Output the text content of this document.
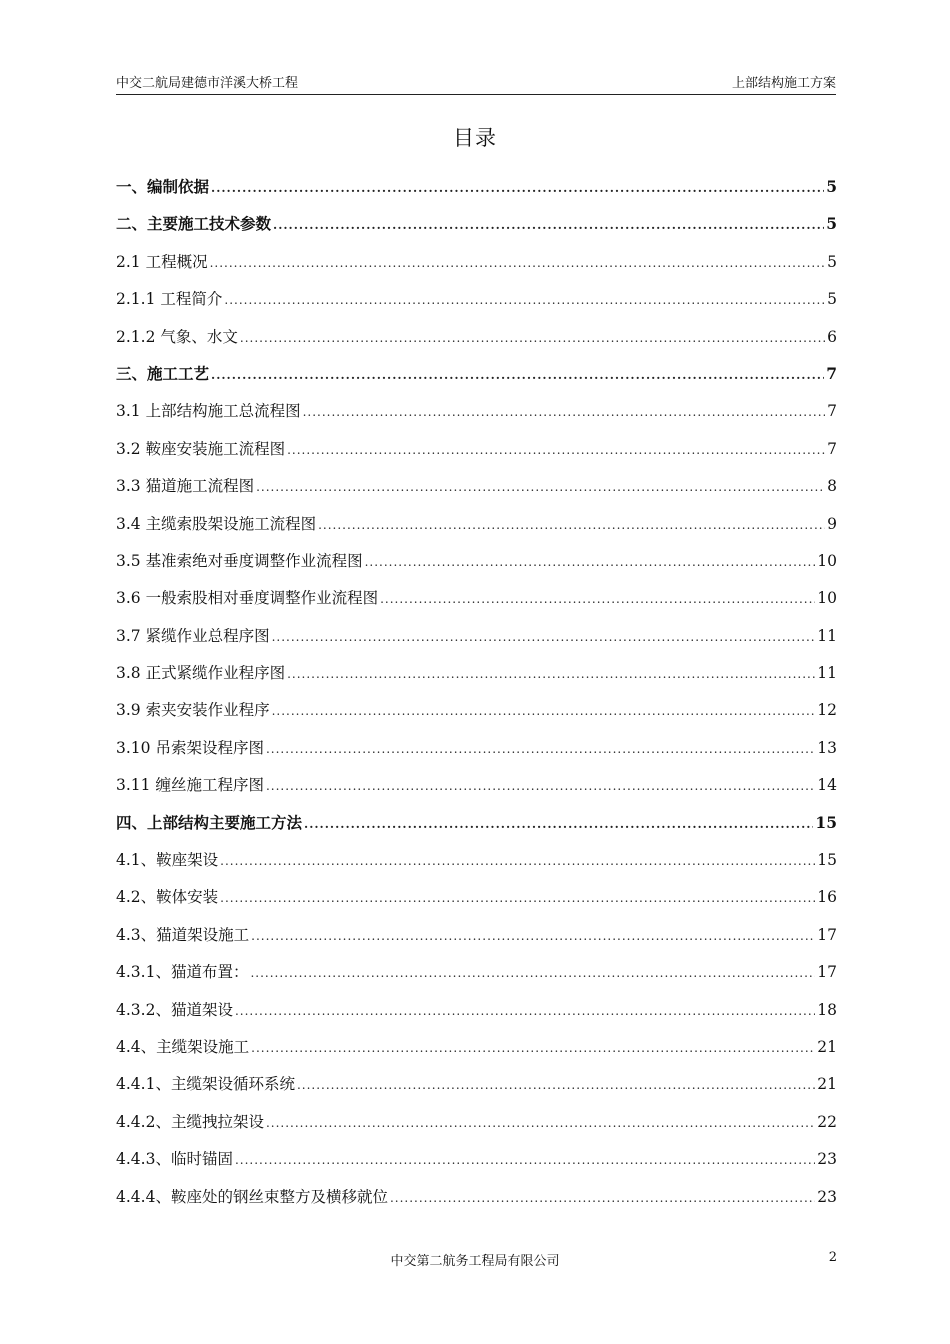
中交二航局建德市洋溪大桥工程	上部结构施工方案
目录
一、编制依据 .....	5
二、主要施工技术参数 .....	5
2.1 工程概况 .....	5
2.1.1 工程简介 .....	5
2.1.2 气象、水文 .....	6
三、施工工艺 .....	7
3.1 上部结构施工总流程图 .....	7
3.2 鞍座安装施工流程图 .....	7
3.3 猫道施工流程图 .....	8
3.4 主缆索股架设施工流程图 .....	9
3.5 基准索绝对垂度调整作业流程图 .....	10
3.6 一般索股相对垂度调整作业流程图 .....	10
3.7 紧缆作业总程序图 .....	11
3.8 正式紧缆作业程序图 .....	11
3.9 索夹安装作业程序 .....	12
3.10 吊索架设程序图 .....	13
3.11 缠丝施工程序图 .....	14
四、上部结构主要施工方法 .....	15
4.1、鞍座架设 .....	15
4.2、鞍体安装 .....	16
4.3、猫道架设施工 .....	17
4.3.1、猫道布置： .....	17
4.3.2、猫道架设 .....	18
4.4、主缆架设施工 .....	21
4.4.1、主缆架设循环系统 .....	21
4.4.2、主缆拽拉架设 .....	22
4.4.3、临时锚固 .....	23
4.4.4、鞍座处的钢丝束整方及横移就位 .....	23
中交第二航务工程局有限公司	2
